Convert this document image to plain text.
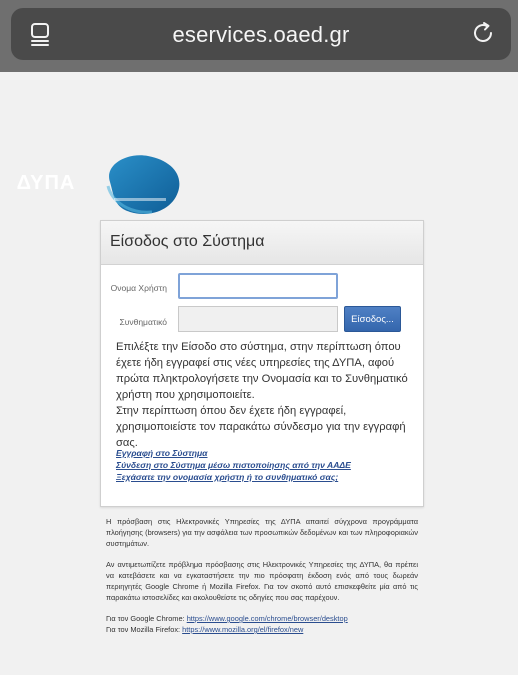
eservices.oaed.gr
ΔΥΠΑ
Είσοδος στο Σύστημα
Ονομα Χρήστη
Συνθηματικό	Είσοδος...
Επιλέξτε την Είσοδο στο σύστημα, στην περίπτωση όπου έχετε ήδη εγγραφεί στις νέες υπηρεσίες της ΔΥΠΑ, αφού πρώτα πληκτρολογήσετε την Ονομασία και το Συνθηματικό χρήστη που χρησιμοποιείτε.
Στην περίπτωση όπου δεν έχετε ήδη εγγραφεί, χρησιμοποιείστε τον παρακάτω σύνδεσμο για την εγγραφή σας.
Εγγραφή στο Σύστημα
Σύνδεση στο Σύστημα μέσω πιστοποίησης από την ΑΑΔΕ
Ξεχάσατε την ονομασία χρήστη ή το συνθηματικό σας;

Η πρόσβαση στις Ηλεκτρονικές Υπηρεσίες της ΔΥΠΑ απαιτεί σύγχρονα προγράμματα πλοήγησης (browsers) για την ασφάλεια των προσωπικών δεδομένων και των πληροφοριακών συστημάτων.

Αν αντιμετωπίζετε πρόβλημα πρόσβασης στις Ηλεκτρονικές Υπηρεσίες της ΔΥΠΑ, θα πρέπει να κατεβάσετε και να εγκαταστήσετε την πιο πρόσφατη έκδοση ενός από τους δωρεάν περιηγητές Google Chrome ή Mozilla Firefox. Για τον σκοπό αυτό επισκεφθείτε μία από τις παρακάτω ιστοσελίδες και ακολουθείστε τις οδηγίες που σας παρέχουν.

Για τον Google Chrome: https://www.google.com/chrome/browser/desktop
Για τον Mozilla Firefox: https://www.mozilla.org/el/firefox/new
